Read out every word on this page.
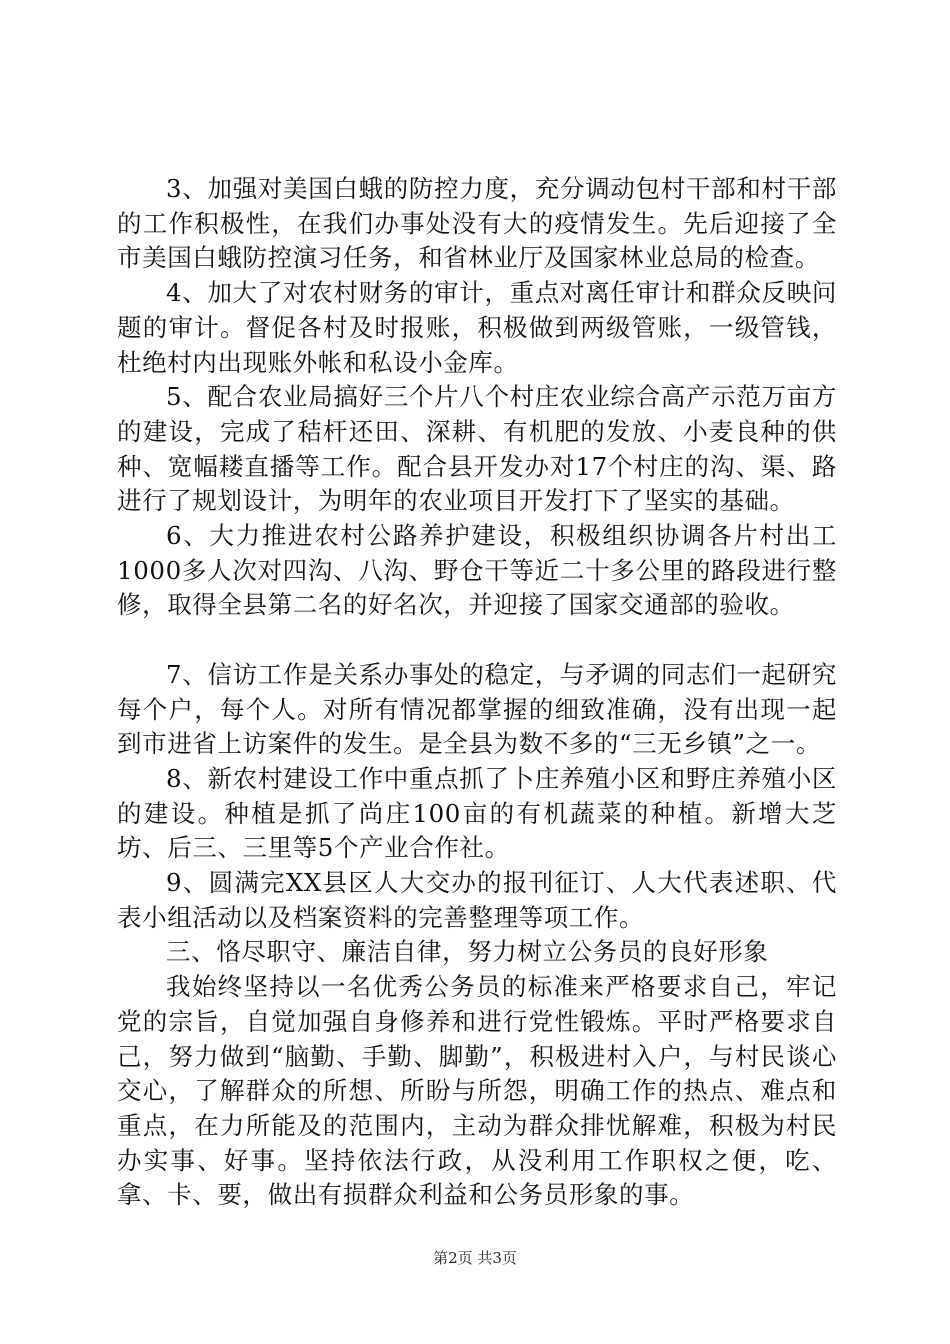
3、加强对美国白蛾的防控力度，充分调动包村干部和村干部的工作积极性，在我们办事处没有大的疫情发生。先后迎接了全市美国白蛾防控演习任务，和省林业厅及国家林业总局的检查。

4、加大了对农村财务的审计，重点对离任审计和群众反映问题的审计。督促各村及时报账，积极做到两级管账，一级管钱，杜绝村内出现账外帐和私设小金库。

5、配合农业局搞好三个片八个村庄农业综合高产示范万亩方的建设，完成了秸杆还田、深耕、有机肥的发放、小麦良种的供种、宽幅耧直播等工作。配合县开发办对17个村庄的沟、渠、路进行了规划设计，为明年的农业项目开发打下了坚实的基础。

6、大力推进农村公路养护建设，积极组织协调各片村出工1000多人次对四沟、八沟、野仓干等近二十多公里的路段进行整修，取得全县第二名的好名次，并迎接了国家交通部的验收。

7、信访工作是关系办事处的稳定，与矛调的同志们一起研究每个户，每个人。对所有情况都掌握的细致准确，没有出现一起到市进省上访案件的发生。是全县为数不多的“三无乡镇”之一。

8、新农村建设工作中重点抓了卜庄养殖小区和野庄养殖小区的建设。种植是抓了尚庄100亩的有机蔬菜的种植。新增大芝坊、后三、三里等5个产业合作社。

9、圆满完XX县区人大交办的报刊征订、人大代表述职、代表小组活动以及档案资料的完善整理等项工作。

三、恪尽职守、廉洁自律，努力树立公务员的良好形象

我始终坚持以一名优秀公务员的标准来严格要求自己，牢记党的宗旨，自觉加强自身修养和进行党性锻炼。平时严格要求自己，努力做到“脑勤、手勤、脚勤”，积极进村入户，与村民谈心交心，了解群众的所想、所盼与所怨，明确工作的热点、难点和重点，在力所能及的范围内，主动为群众排忧解难，积极为村民办实事、好事。坚持依法行政，从没利用工作职权之便，吃、拿、卡、要，做出有损群众利益和公务员形象的事。

第2页 共3页
